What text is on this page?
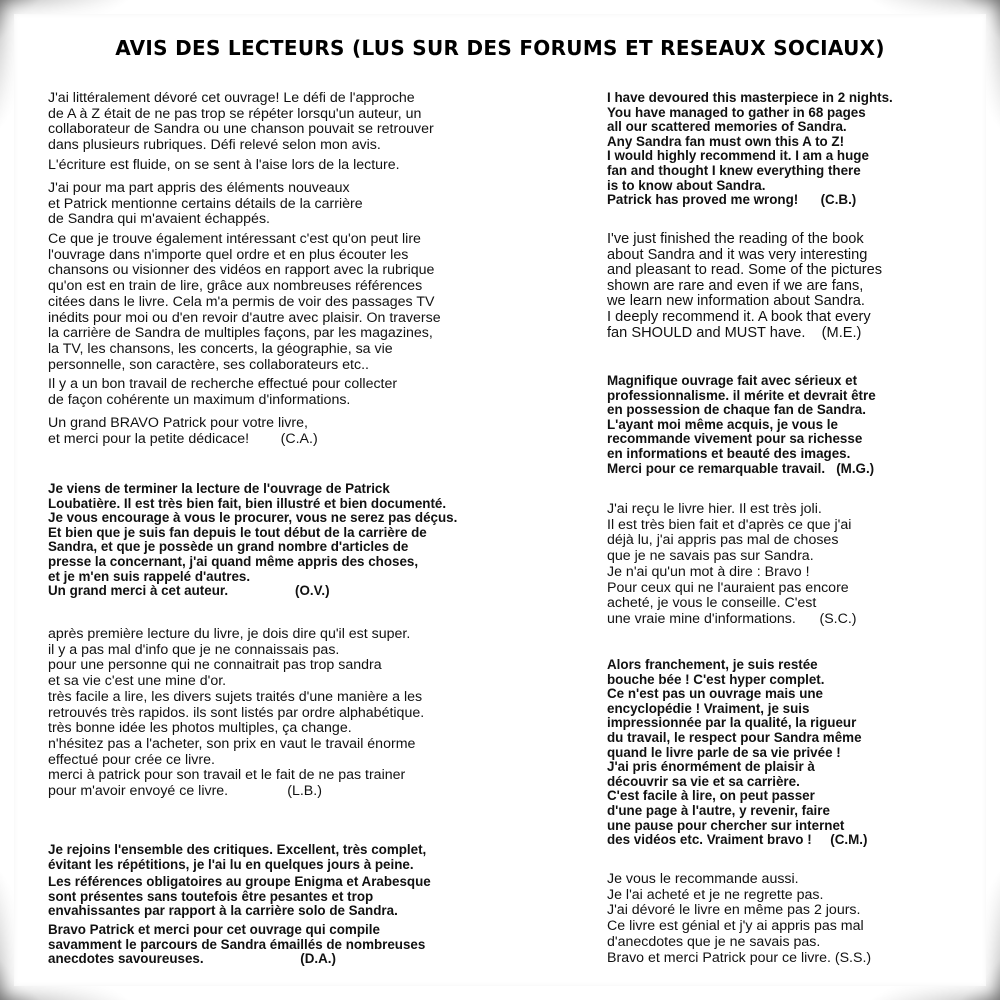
AVIS DES LECTEURS (LUS SUR DES FORUMS ET RESEAUX SOCIAUX)

J'ai littéralement dévoré cet ouvrage! Le défi de l'approche
de A à Z était de ne pas trop se répéter lorsqu'un auteur, un
collaborateur de Sandra ou une chanson pouvait se retrouver
dans plusieurs rubriques. Défi relevé selon mon avis.

L'écriture est fluide, on se sent à l'aise lors de la lecture.

J'ai pour ma part appris des éléments nouveaux
et Patrick mentionne certains détails de la carrière
de Sandra qui m'avaient échappés.

Ce que je trouve également intéressant c'est qu'on peut lire
l'ouvrage dans n'importe quel ordre et en plus écouter les
chansons ou visionner des vidéos en rapport avec la rubrique
qu'on est en train de lire, grâce aux nombreuses références
citées dans le livre. Cela m'a permis de voir des passages TV
inédits pour moi ou d'en revoir d'autre avec plaisir. On traverse
la carrière de Sandra de multiples façons, par les magazines,
la TV, les chansons, les concerts, la géographie, sa vie
personnelle, son caractère, ses collaborateurs etc..

Il y a un bon travail de recherche effectué pour collecter
de façon cohérente un maximum d'informations.

Un grand BRAVO Patrick pour votre livre,
et merci pour la petite dédicace!        (C.A.)

Je viens de terminer la lecture de l'ouvrage de Patrick
Loubatière. Il est très bien fait, bien illustré et bien documenté.
Je vous encourage à vous le procurer, vous ne serez pas déçus.
Et bien que je suis fan depuis le tout début de la carrière de
Sandra, et que je possède un grand nombre d'articles de
presse la concernant, j'ai quand même appris des choses,
et je m'en suis rappelé d'autres.
Un grand merci à cet auteur.                  (O.V.)

après première lecture du livre, je dois dire qu'il est super.
il y a pas mal d'info que je ne connaissais pas.
pour une personne qui ne connaitrait pas trop sandra
et sa vie c'est une mine d'or.
très facile a lire, les divers sujets traités d'une manière a les
retrouvés très rapidos. ils sont listés par ordre alphabétique.
très bonne idée les photos multiples, ça change.
n'hésitez pas a l'acheter, son prix en vaut le travail énorme
effectué pour crée ce livre.
merci à patrick pour son travail et le fait de ne pas trainer
pour m'avoir envoyé ce livre.               (L.B.)

Je rejoins l'ensemble des critiques. Excellent, très complet,
évitant les répétitions, je l'ai lu en quelques jours à peine.

Les références obligatoires au groupe Enigma et Arabesque
sont présentes sans toutefois être pesantes et trop
envahissantes par rapport à la carrière solo de Sandra.

Bravo Patrick et merci pour cet ouvrage qui compile
savamment le parcours de Sandra émaillés de nombreuses
anecdotes savoureuses.                          (D.A.)

I have devoured this masterpiece in 2 nights.
You have managed to gather in 68 pages
all our scattered memories of Sandra.
Any Sandra fan must own this A to Z!
I would highly recommend it. I am a huge
fan and thought I knew everything there
is to know about Sandra.
Patrick has proved me wrong!      (C.B.)

I've just finished the reading of the book
about Sandra and it was very interesting
and pleasant to read. Some of the pictures
shown are rare and even if we are fans,
we learn new information about Sandra.
I deeply recommend it. A book that every
fan SHOULD and MUST have.    (M.E.)

Magnifique ouvrage fait avec sérieux et
professionnalisme. il mérite et devrait être
en possession de chaque fan de Sandra.
L'ayant moi même acquis, je vous le
recommande vivement pour sa richesse
en informations et beauté des images.
Merci pour ce remarquable travail.   (M.G.)

J'ai reçu le livre hier. Il est très joli.
Il est très bien fait et d'après ce que j'ai
déjà lu, j'ai appris pas mal de choses
que je ne savais pas sur Sandra.
Je n'ai qu'un mot à dire : Bravo !
Pour ceux qui ne l'auraient pas encore
acheté, je vous le conseille. C'est
une vraie mine d'informations.      (S.C.)

Alors franchement, je suis restée
bouche bée ! C'est hyper complet.
Ce n'est pas un ouvrage mais une
encyclopédie ! Vraiment, je suis
impressionnée par la qualité, la rigueur
du travail, le respect pour Sandra même
quand le livre parle de sa vie privée !
J'ai pris énormément de plaisir à
découvrir sa vie et sa carrière.
C'est facile à lire, on peut passer
d'une page à l'autre, y revenir, faire
une pause pour chercher sur internet
des vidéos etc. Vraiment bravo !     (C.M.)

Je vous le recommande aussi.
Je l'ai acheté et je ne regrette pas.
J'ai dévoré le livre en même pas 2 jours.
Ce livre est génial et j'y ai appris pas mal
d'anecdotes que je ne savais pas.
Bravo et merci Patrick pour ce livre. (S.S.)
